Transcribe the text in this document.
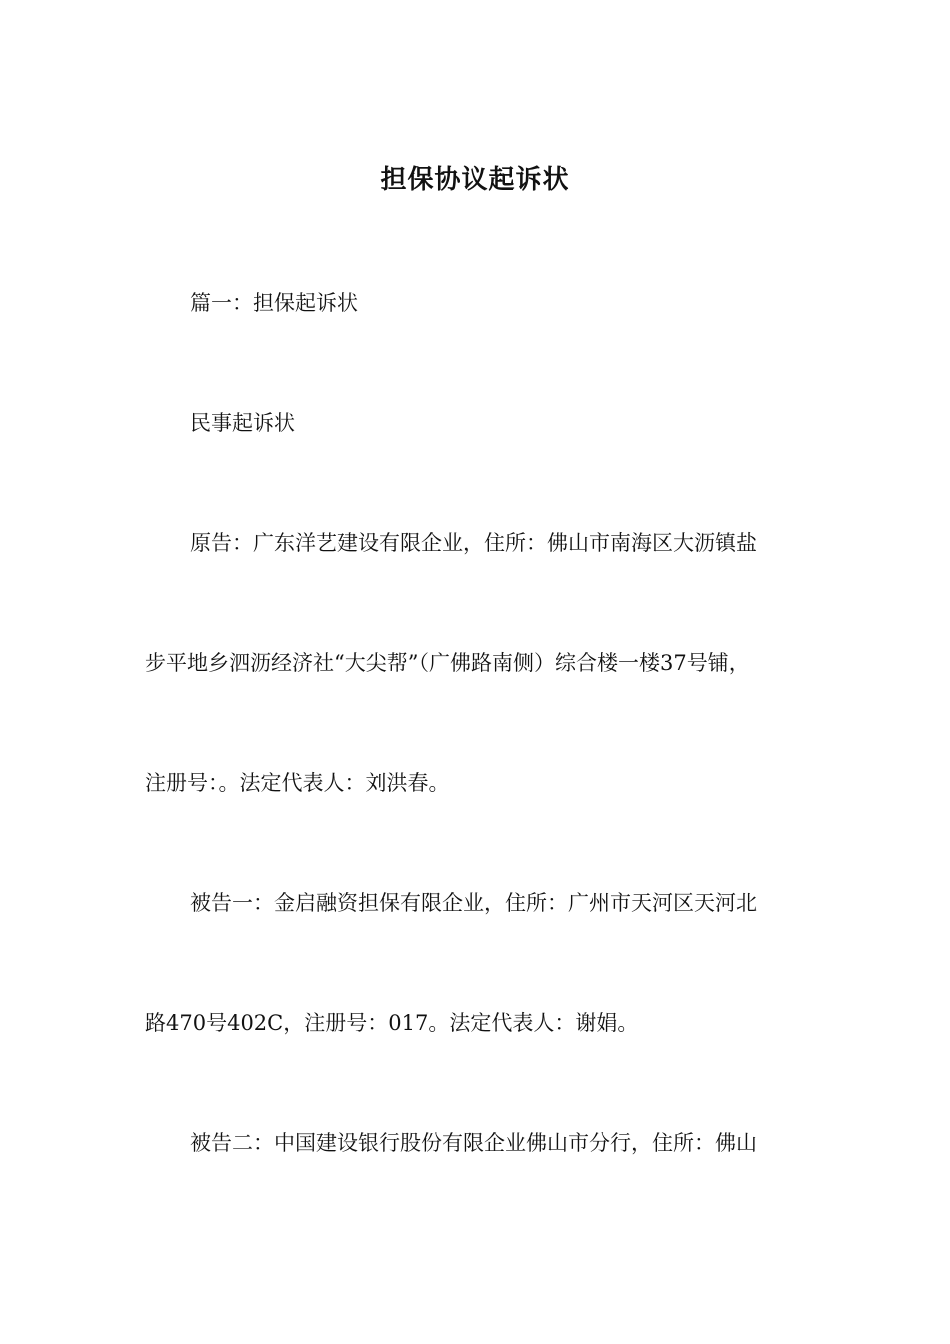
担保协议起诉状
篇一：担保起诉状
民事起诉状
原告：广东洋艺建设有限企业，住所：佛山市南海区大沥镇盐
步平地乡泗沥经济社“大尖帮”（广佛路南侧）综合楼一楼37号铺，
注册号：。法定代表人：刘洪春。
被告一：金启融资担保有限企业，住所：广州市天河区天河北
路470号402C，注册号：017。法定代表人：谢娟。
被告二：中国建设银行股份有限企业佛山市分行，住所：佛山
